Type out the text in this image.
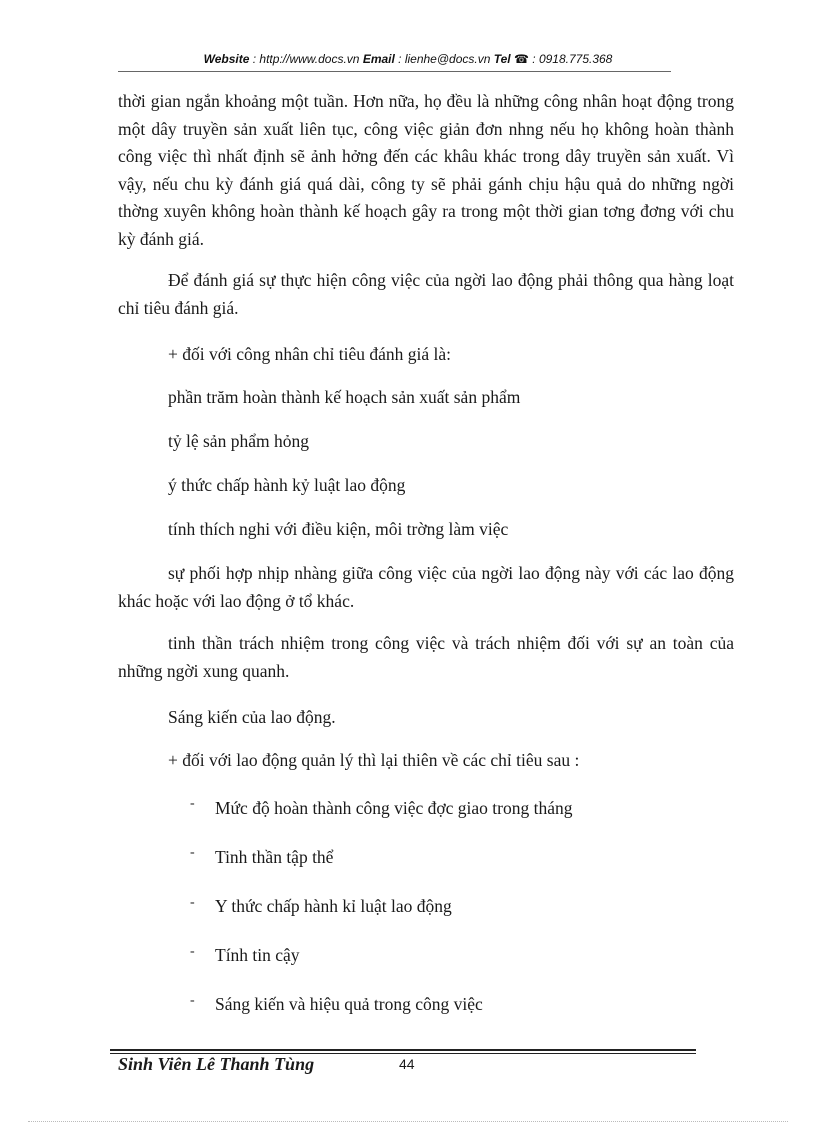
Website : http://www.docs.vn Email : lienhe@docs.vn Tel ☎ : 0918.775.368

thời gian ngắn khoảng một tuần. Hơn nữa, họ đều là những công nhân hoạt động trong một dây truyền sản xuất liên tục, công việc giản đơn nhng nếu họ không hoàn thành công việc thì nhất định sẽ ảnh hởng đến các khâu khác trong dây truyền sản xuất. Vì vậy, nếu chu kỳ đánh giá quá dài, công ty sẽ phải gánh chịu hậu quả do những ngời thờng xuyên không hoàn thành kế hoạch gây ra trong một thời gian tơng đơng với chu kỳ đánh giá.

Để đánh giá sự thực hiện công việc của ngời lao động phải thông qua hàng loạt chỉ tiêu đánh giá.

+ đối với công nhân chỉ tiêu đánh giá là:

phần trăm hoàn thành kế hoạch sản xuất sản phẩm

tỷ lệ sản phẩm hỏng

ý thức chấp hành kỷ luật lao động

tính thích nghi với điều kiện, môi trờng làm việc

sự phối hợp nhịp nhàng giữa công việc của ngời lao động này với các lao động khác hoặc với lao động ở tổ khác.

tinh thần trách nhiệm trong công việc và trách nhiệm đối với sự an toàn của những ngời xung quanh.

Sáng kiến của lao động.

+ đối với lao động quản lý thì lại thiên về các chỉ tiêu sau :

- Mức độ hoàn thành công việc đợc giao trong tháng
- Tinh thần tập thể
- Y thức chấp hành kỉ luật lao động
- Tính tin cậy
- Sáng kiến và hiệu quả trong công việc
Sinh Viên Lê Thanh Tùng	44
